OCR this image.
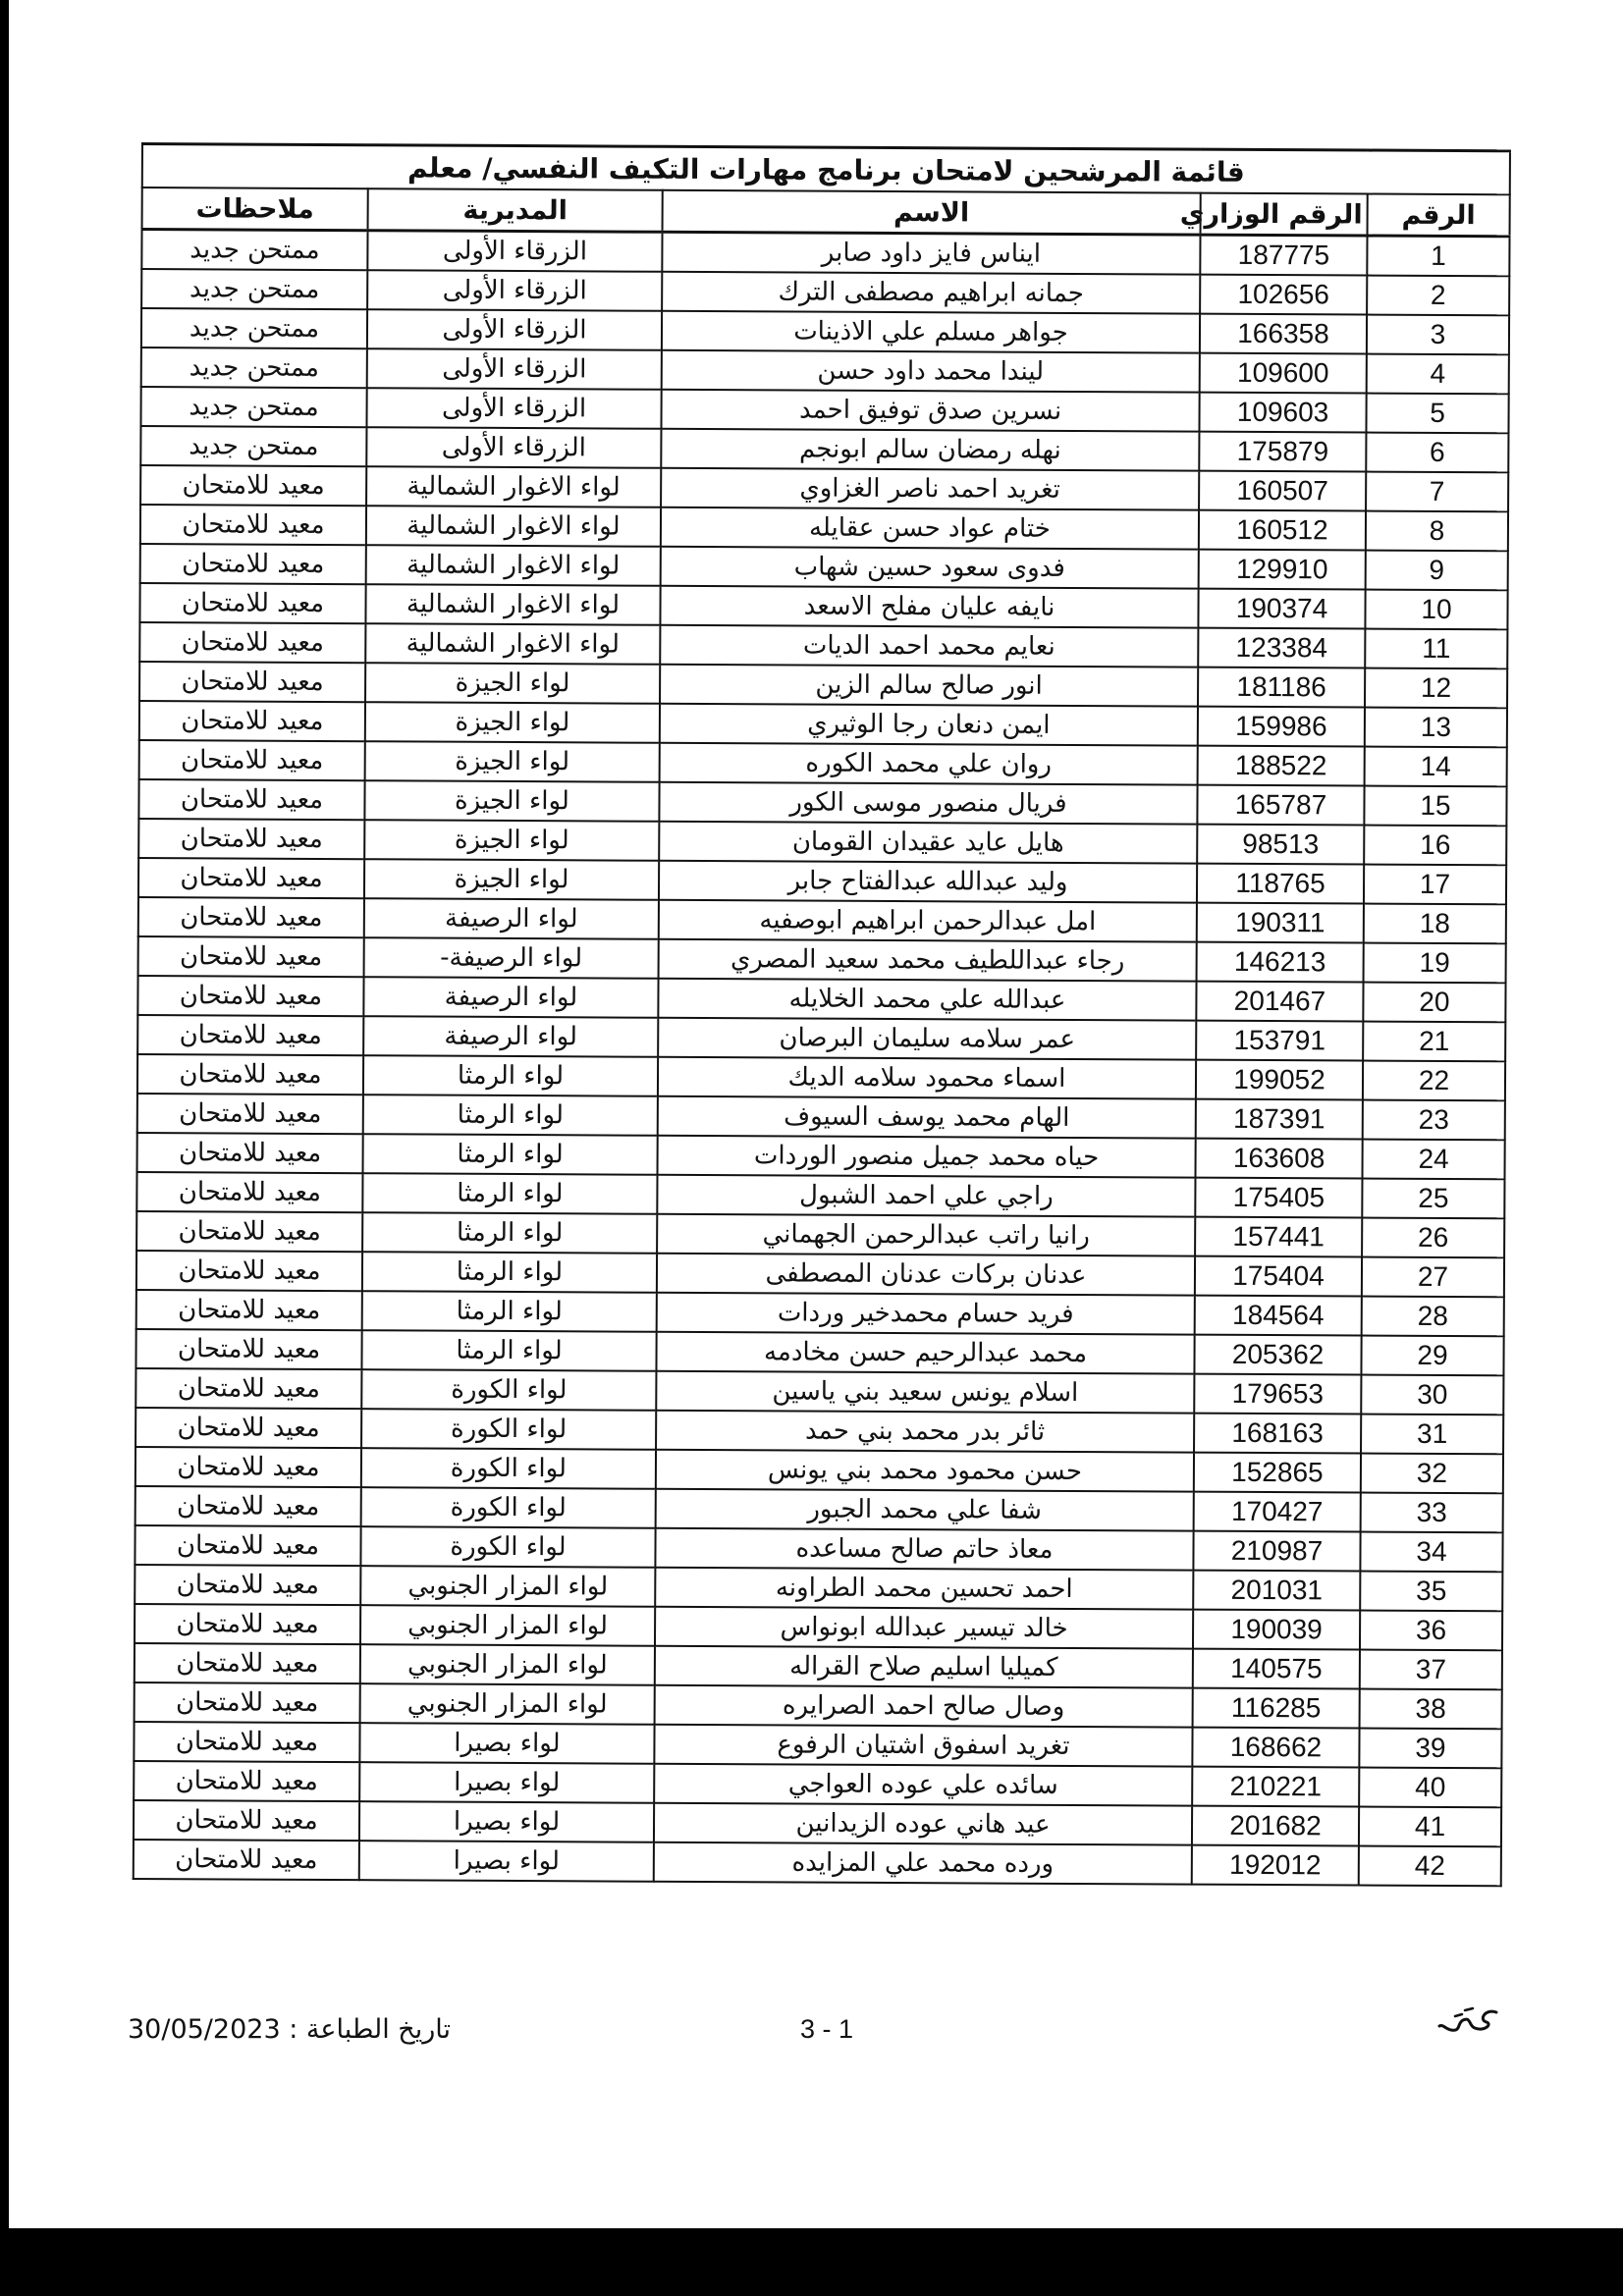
قائمة المرشحين لامتحان برنامج مهارات التكيف النفسي/ معلم				
الرقم	الرقم الوزاري	الاسم	المديرية	ملاحظات
1	187775	ايناس فايز داود صابر	الزرقاء الأولى	ممتحن جديد
2	102656	جمانه ابراهيم مصطفى الترك	الزرقاء الأولى	ممتحن جديد
3	166358	جواهر مسلم علي الاذينات	الزرقاء الأولى	ممتحن جديد
4	109600	ليندا محمد داود حسن	الزرقاء الأولى	ممتحن جديد
5	109603	نسرين صدق توفيق احمد	الزرقاء الأولى	ممتحن جديد
6	175879	نهله رمضان سالم ابونجم	الزرقاء الأولى	ممتحن جديد
7	160507	تغريد احمد ناصر الغزاوي	لواء الاغوار الشمالية	معيد للامتحان
8	160512	ختام عواد حسن عقايله	لواء الاغوار الشمالية	معيد للامتحان
9	129910	فدوى سعود حسين شهاب	لواء الاغوار الشمالية	معيد للامتحان
10	190374	نايفه عليان مفلح الاسعد	لواء الاغوار الشمالية	معيد للامتحان
11	123384	نعايم محمد احمد الديات	لواء الاغوار الشمالية	معيد للامتحان
12	181186	انور صالح سالم الزين	لواء الجيزة	معيد للامتحان
13	159986	ايمن دنعان رجا الوثيري	لواء الجيزة	معيد للامتحان
14	188522	روان علي محمد الكوره	لواء الجيزة	معيد للامتحان
15	165787	فريال منصور موسى الكور	لواء الجيزة	معيد للامتحان
16	98513	هايل عايد عقيدان القومان	لواء الجيزة	معيد للامتحان
17	118765	وليد عبدالله عبدالفتاح جابر	لواء الجيزة	معيد للامتحان
18	190311	امل عبدالرحمن ابراهيم ابوصفيه	لواء الرصيفة	معيد للامتحان
19	146213	رجاء عبداللطيف محمد سعيد المصري	لواء الرصيفة-	معيد للامتحان
20	201467	عبدالله علي محمد الخلايله	لواء الرصيفة	معيد للامتحان
21	153791	عمر سلامه سليمان البرصان	لواء الرصيفة	معيد للامتحان
22	199052	اسماء محمود سلامه الديك	لواء الرمثا	معيد للامتحان
23	187391	الهام محمد يوسف السيوف	لواء الرمثا	معيد للامتحان
24	163608	حياه محمد جميل منصور الوردات	لواء الرمثا	معيد للامتحان
25	175405	راجي علي احمد الشبول	لواء الرمثا	معيد للامتحان
26	157441	رانيا راتب عبدالرحمن الجهماني	لواء الرمثا	معيد للامتحان
27	175404	عدنان بركات عدنان المصطفى	لواء الرمثا	معيد للامتحان
28	184564	فريد حسام محمدخير وردات	لواء الرمثا	معيد للامتحان
29	205362	محمد عبدالرحيم حسن مخادمه	لواء الرمثا	معيد للامتحان
30	179653	اسلام يونس سعيد بني ياسين	لواء الكورة	معيد للامتحان
31	168163	ثائر بدر محمد بني حمد	لواء الكورة	معيد للامتحان
32	152865	حسن محمود محمد بني يونس	لواء الكورة	معيد للامتحان
33	170427	شفا علي محمد الجبور	لواء الكورة	معيد للامتحان
34	210987	معاذ حاتم صالح مساعده	لواء الكورة	معيد للامتحان
35	201031	احمد تحسين محمد الطراونه	لواء المزار الجنوبي	معيد للامتحان
36	190039	خالد تيسير عبدالله ابونواس	لواء المزار الجنوبي	معيد للامتحان
37	140575	كميليا اسليم صلاح القراله	لواء المزار الجنوبي	معيد للامتحان
38	116285	وصال صالح احمد الصرايره	لواء المزار الجنوبي	معيد للامتحان
39	168662	تغريد اسفوق اشتيان الرفوع	لواء بصيرا	معيد للامتحان
40	210221	سائده علي عوده العواجي	لواء بصيرا	معيد للامتحان
41	201682	عيد هاني عوده الزيدانين	لواء بصيرا	معيد للامتحان
42	192012	ورده محمد علي المزايده	لواء بصيرا	معيد للامتحان
تاريخ الطباعة : 30/05/2023	3 - 1
